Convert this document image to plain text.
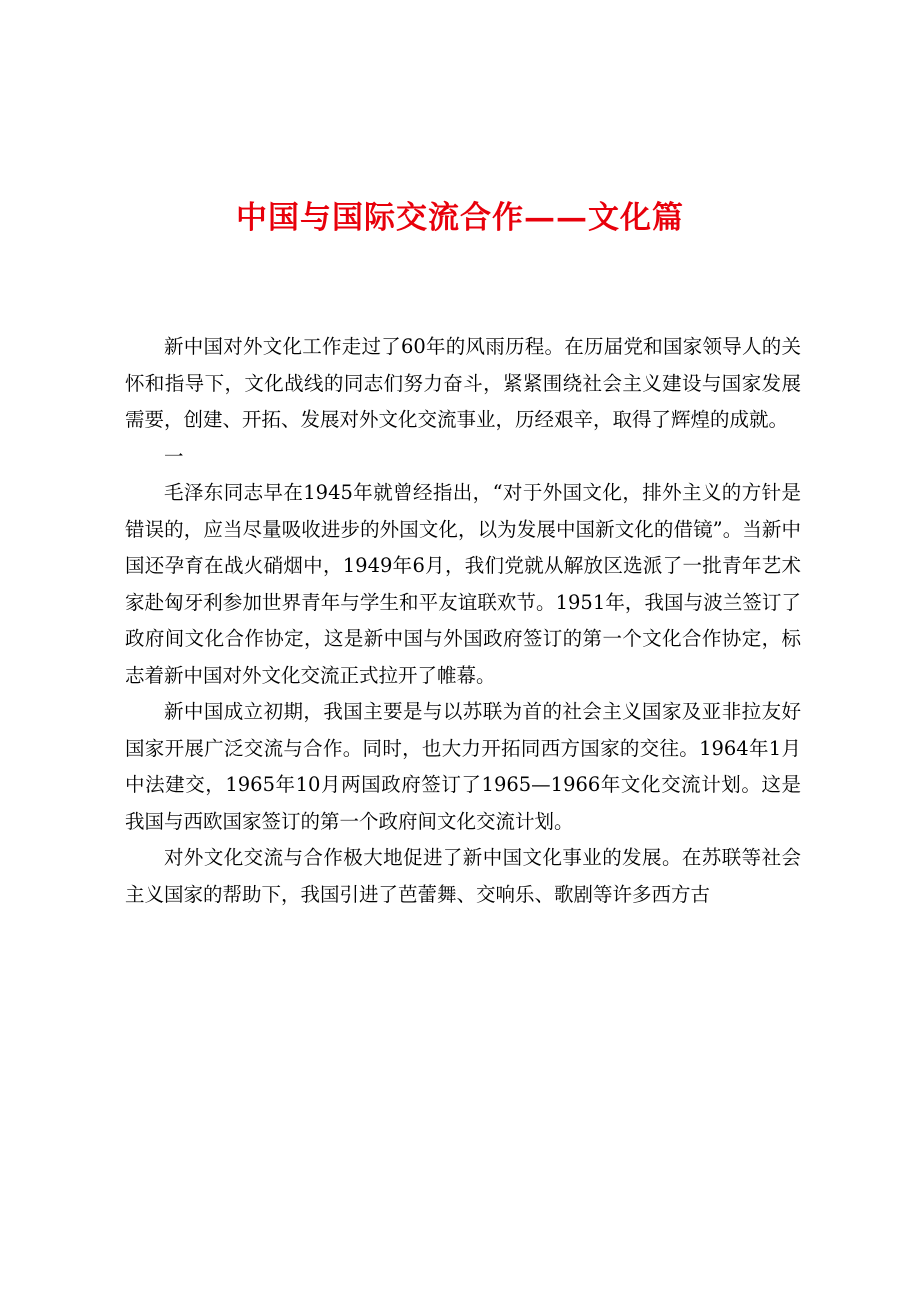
中国与国际交流合作——文化篇

新中国对外文化工作走过了60年的风雨历程。在历届党和国家领导人的关怀和指导下，文化战线的同志们努力奋斗，紧紧围绕社会主义建设与国家发展需要，创建、开拓、发展对外文化交流事业，历经艰辛，取得了辉煌的成就。

一

毛泽东同志早在1945年就曾经指出，“对于外国文化，排外主义的方针是错误的，应当尽量吸收进步的外国文化，以为发展中国新文化的借镜”。当新中国还孕育在战火硝烟中，1949年6月，我们党就从解放区选派了一批青年艺术家赴匈牙利参加世界青年与学生和平友谊联欢节。1951年，我国与波兰签订了政府间文化合作协定，这是新中国与外国政府签订的第一个文化合作协定，标志着新中国对外文化交流正式拉开了帷幕。

新中国成立初期，我国主要是与以苏联为首的社会主义国家及亚非拉友好国家开展广泛交流与合作。同时，也大力开拓同西方国家的交往。1964年1月中法建交，1965年10月两国政府签订了1965—1966年文化交流计划。这是我国与西欧国家签订的第一个政府间文化交流计划。

对外文化交流与合作极大地促进了新中国文化事业的发展。在苏联等社会主义国家的帮助下，我国引进了芭蕾舞、交响乐、歌剧等许多西方古
